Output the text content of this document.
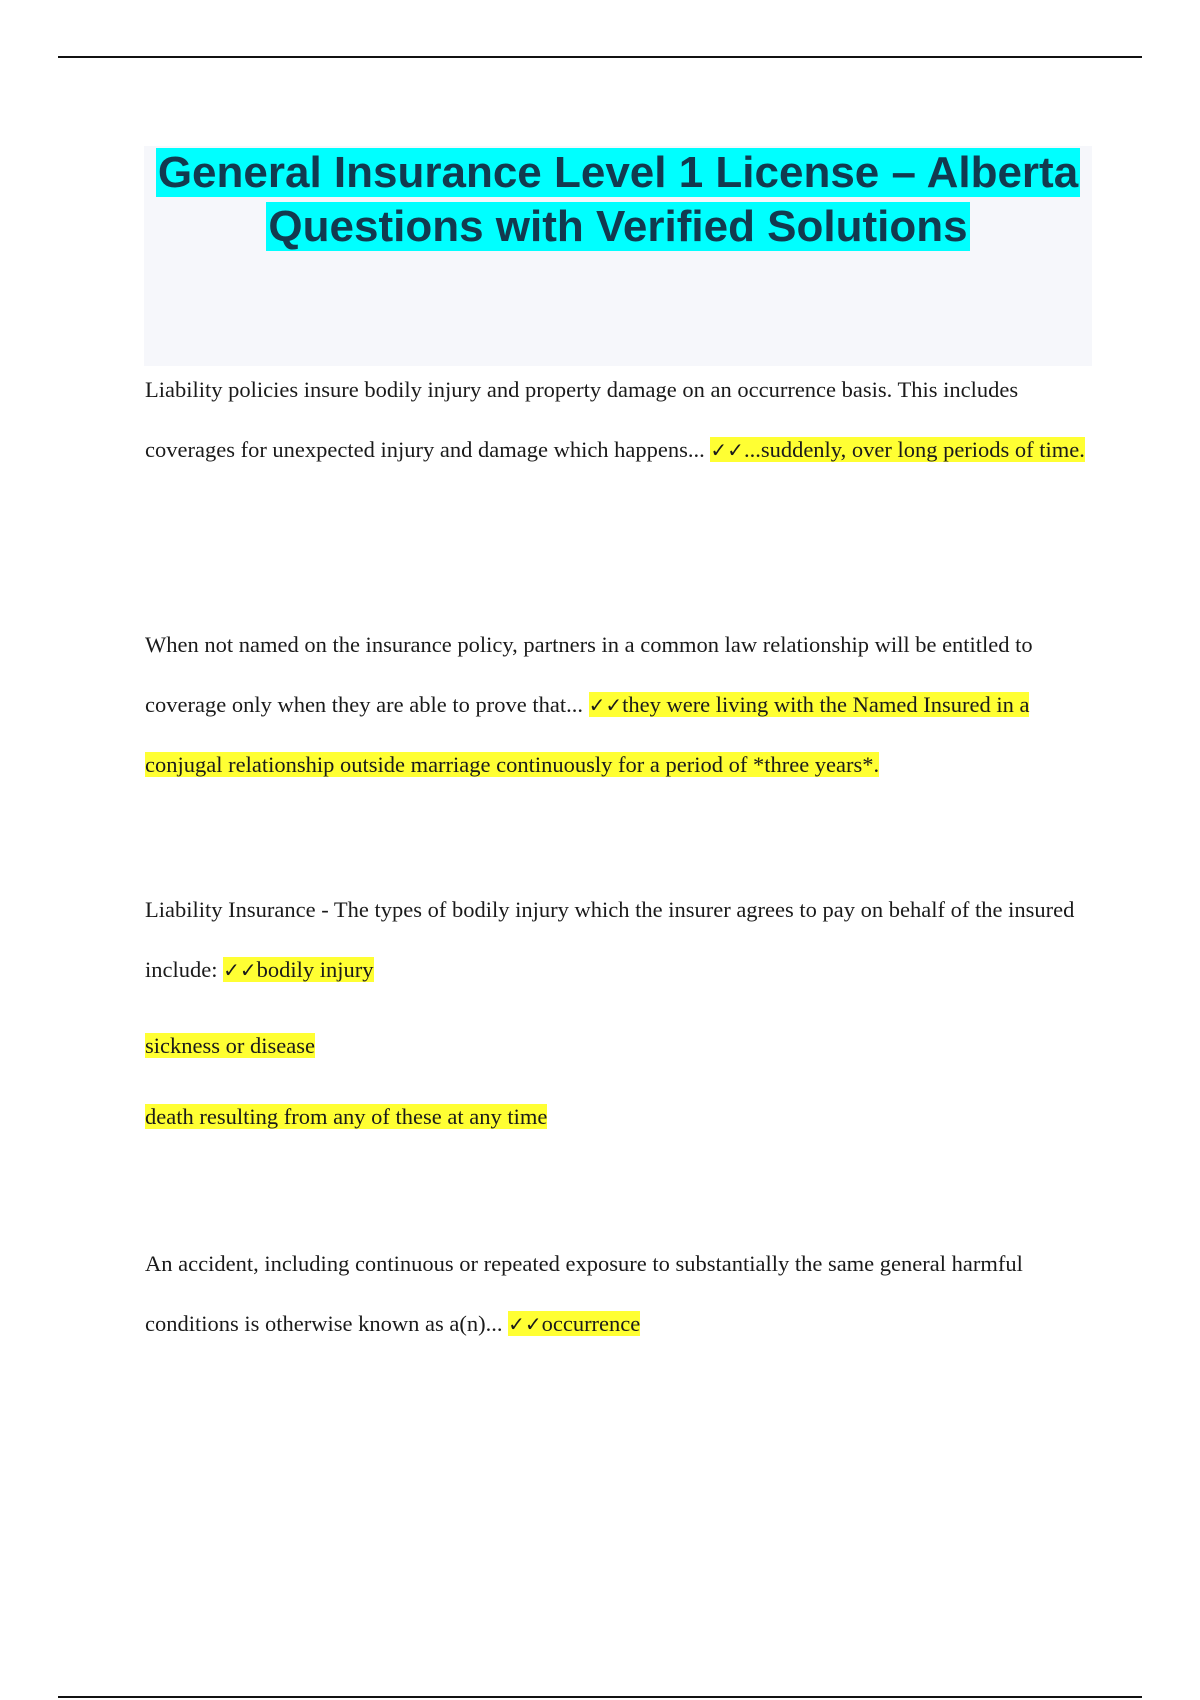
General Insurance Level 1 License – Alberta Questions with Verified Solutions

Liability policies insure bodily injury and property damage on an occurrence basis. This includes coverages for unexpected injury and damage which happens... ✓✓...suddenly, over long periods of time.

When not named on the insurance policy, partners in a common law relationship will be entitled to coverage only when they are able to prove that... ✓✓they were living with the Named Insured in a conjugal relationship outside marriage continuously for a period of *three years*.

Liability Insurance - The types of bodily injury which the insurer agrees to pay on behalf of the insured include: ✓✓bodily injury

sickness or disease

death resulting from any of these at any time

An accident, including continuous or repeated exposure to substantially the same general harmful conditions is otherwise known as a(n)... ✓✓occurrence
